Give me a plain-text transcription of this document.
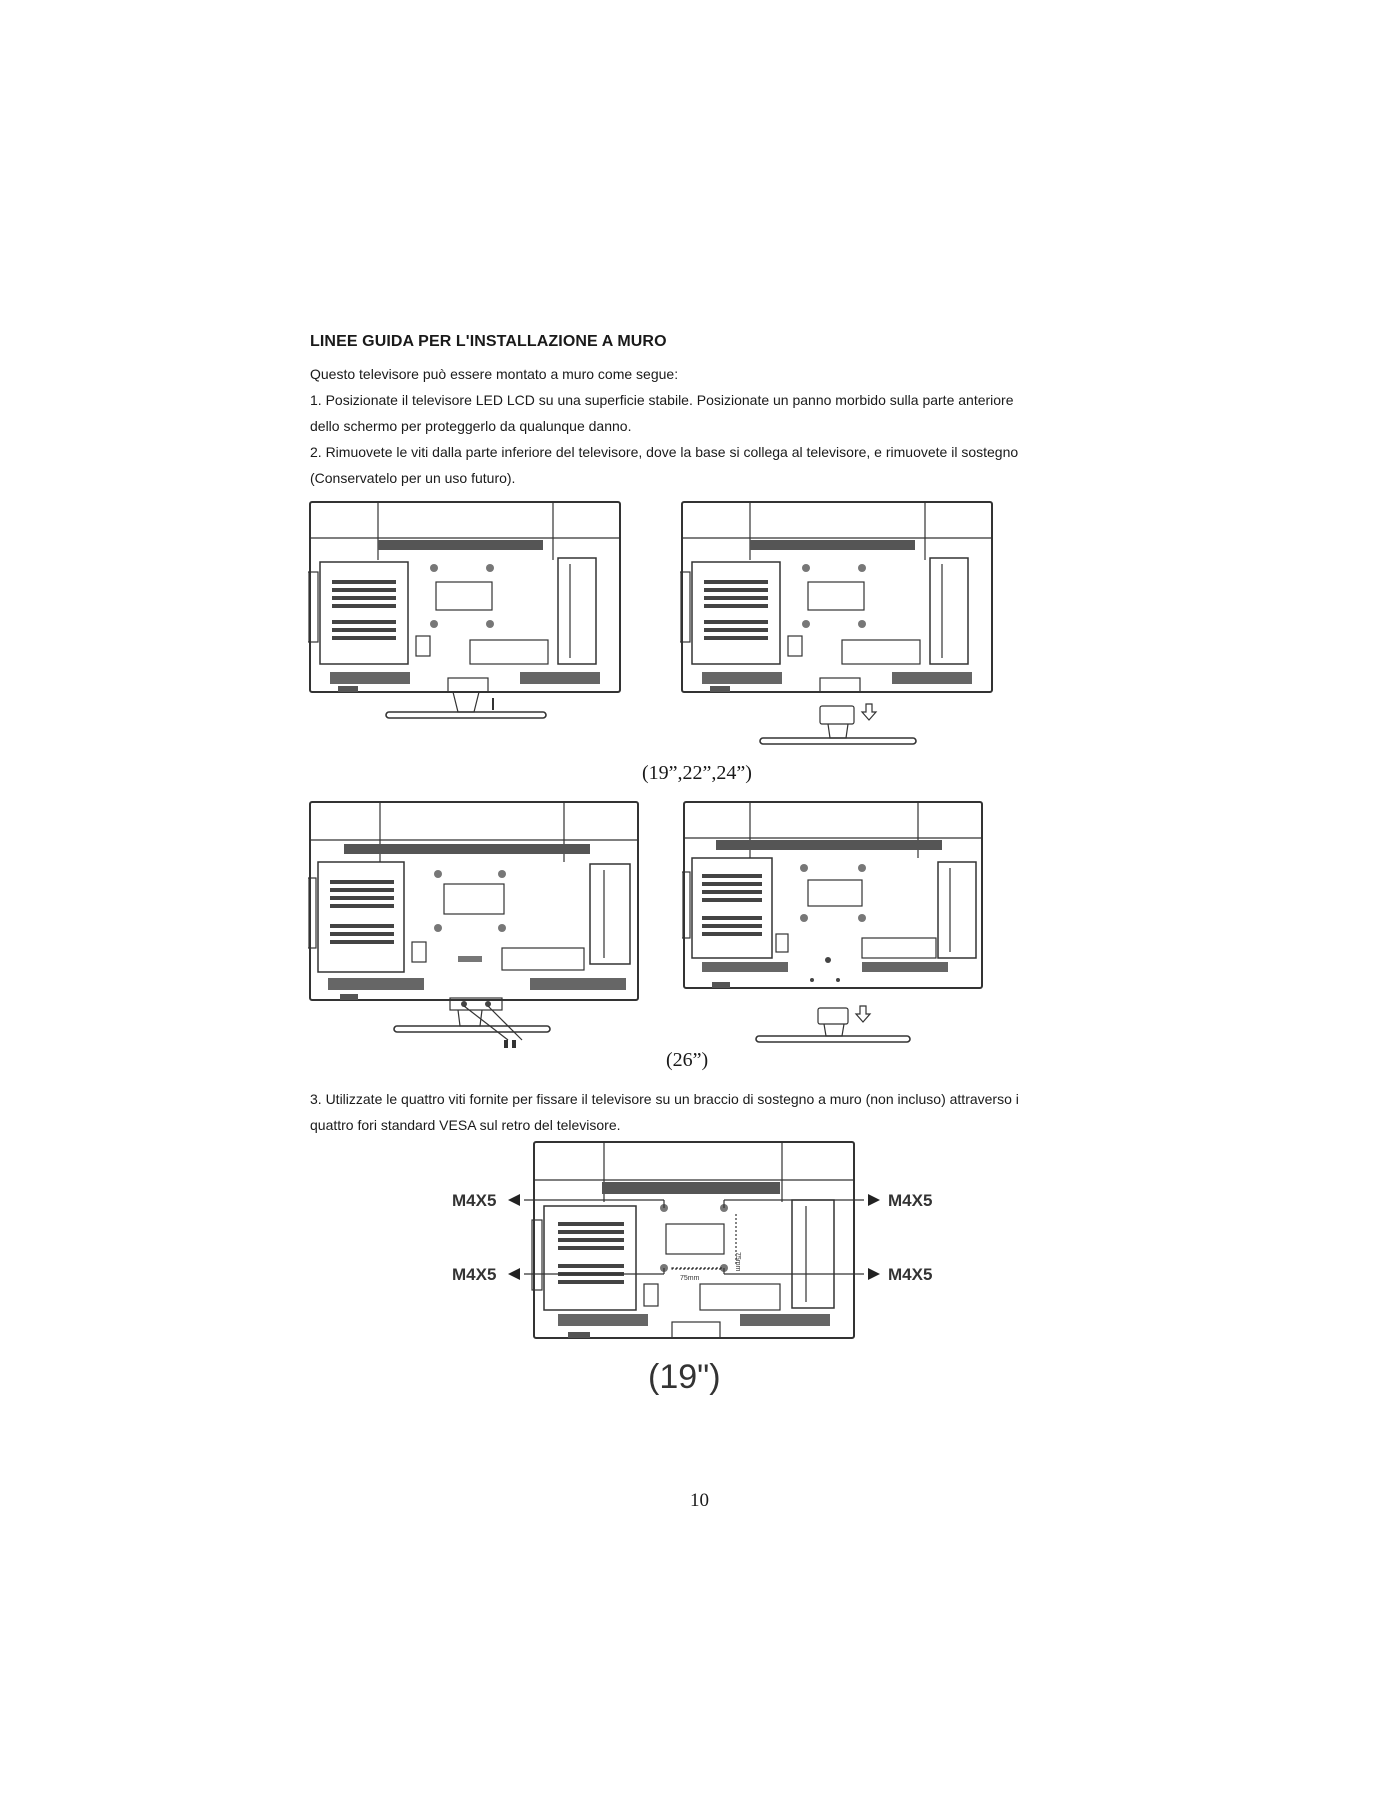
LINEE GUIDA PER L'INSTALLAZIONE A MURO
Questo televisore può essere montato a muro come segue:
1. Posizionate il televisore LED LCD su una superficie stabile. Posizionate un panno morbido sulla parte anteriore
dello schermo per proteggerlo da qualunque danno.
2. Rimuovete le viti dalla parte inferiore del televisore, dove la base si collega al televisore, e rimuovete il sostegno
(Conservatelo per un uso futuro).
(19”,22”,24”)
(26”)
3. Utilizzate le quattro viti fornite per fissare il televisore su un braccio di sostegno a muro (non incluso) attraverso i
quattro fori standard VESA sul retro del televisore.
75mm
75mm
M4X5	M4X5
M4X5	M4X5
(19")
10
